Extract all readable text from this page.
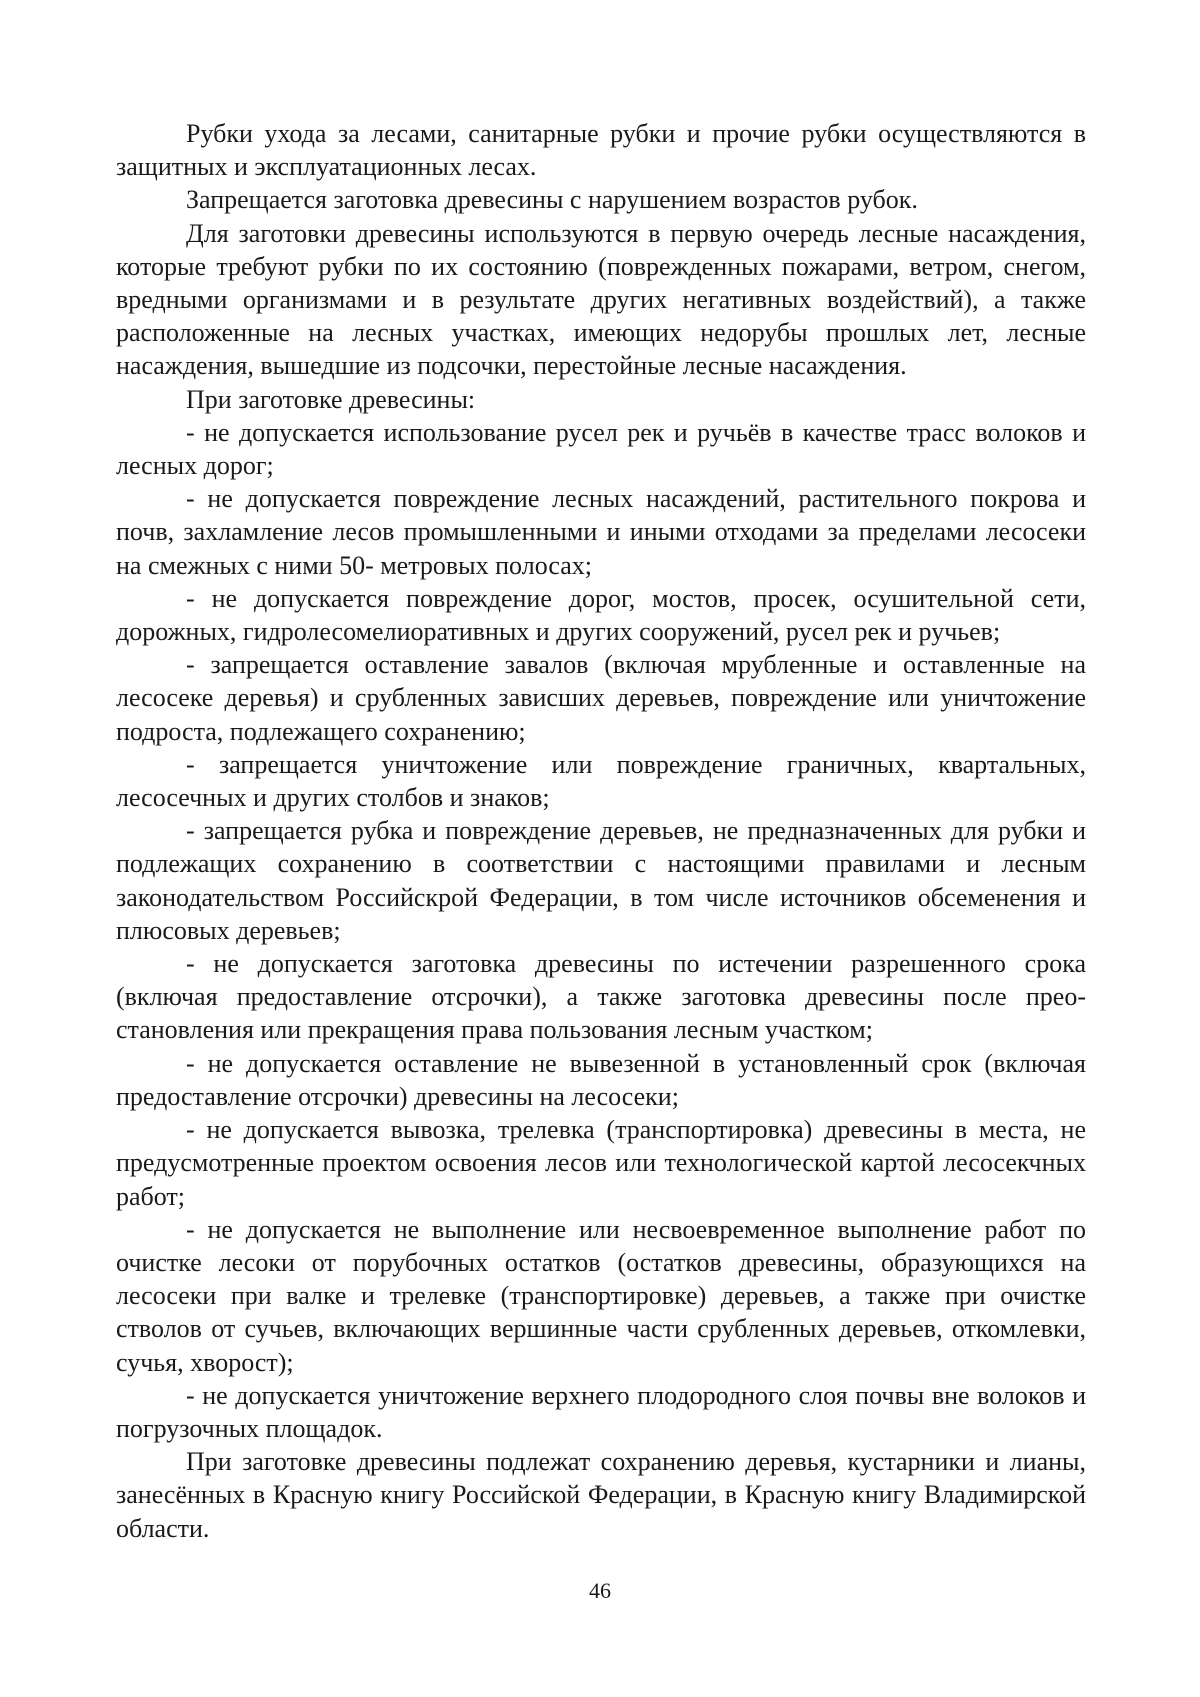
Рубки ухода за лесами, санитарные рубки и прочие рубки осуществляются в защитных и эксплуатационных лесах.

Запрещается заготовка древесины с нарушением возрастов рубок.

Для заготовки древесины используются в первую очередь лесные насаждения, которые требуют рубки по их состоянию (поврежденных пожарами, ветром, снегом, вредными организмами и в результате других негативных воздействий), а также расположенные на лесных участках, имеющих недорубы прошлых лет, лесные насаждения, вышедшие из подсочки, перестойные лесные насаждения.

При заготовке древесины:

- не допускается использование русел рек и ручьёв в качестве трасс волоков и лесных дорог;

- не допускается повреждение лесных насаждений, растительного покрова и почв, захламление лесов промышленными и иными отходами за пределами лесосеки на смежных с ними 50- метровых полосах;

- не допускается повреждение дорог, мостов, просек, осушительной сети, дорожных, гидролесомелиоративных и других сооружений, русел рек и ручьев;

- запрещается оставление завалов (включая мрубленные и оставленные на лесосеке деревья) и срубленных зависших деревьев, повреждение или уничтожение подроста, подлежащего сохранению;

- запрещается уничтожение или повреждение граничных, квартальных, лесосечных и других столбов и знаков;

- запрещается рубка и повреждение деревьев, не предназначенных для рубки и подлежащих сохранению в соответствии с настоящими правилами и лесным законодательством Российскрой Федерации, в том числе источников обсеменения и плюсовых деревьев;

- не допускается заготовка древесины по истечении разрешенного срока (включая предоставление отсрочки), а также заготовка древесины после преостановления или прекращения права пользования лесным участком;

- не допускается оставление не вывезенной в установленный срок (включая предоставление отсрочки) древесины на лесосеки;

- не допускается вывозка, трелевка (транспортировка) древесины в места, не предусмотренные проектом освоения лесов или технологической картой лесосекчных работ;

- не допускается не выполнение или несвоевременное выполнение работ по очистке лесоки от порубочных остатков (остатков древесины, образующихся на лесосеки при валке и трелевке (транспортировке) деревьев, а также при очистке стволов от сучьев, включающих вершинные части срубленных деревьев, откомлевки, сучья, хворост);

- не допускается уничтожение верхнего плодородного слоя почвы вне волоков и погрузочных площадок.

При заготовке древесины подлежат сохранению деревья, кустарники и лианы, занесённых в Красную книгу Российской Федерации, в Красную книгу Владимирской области.

46
